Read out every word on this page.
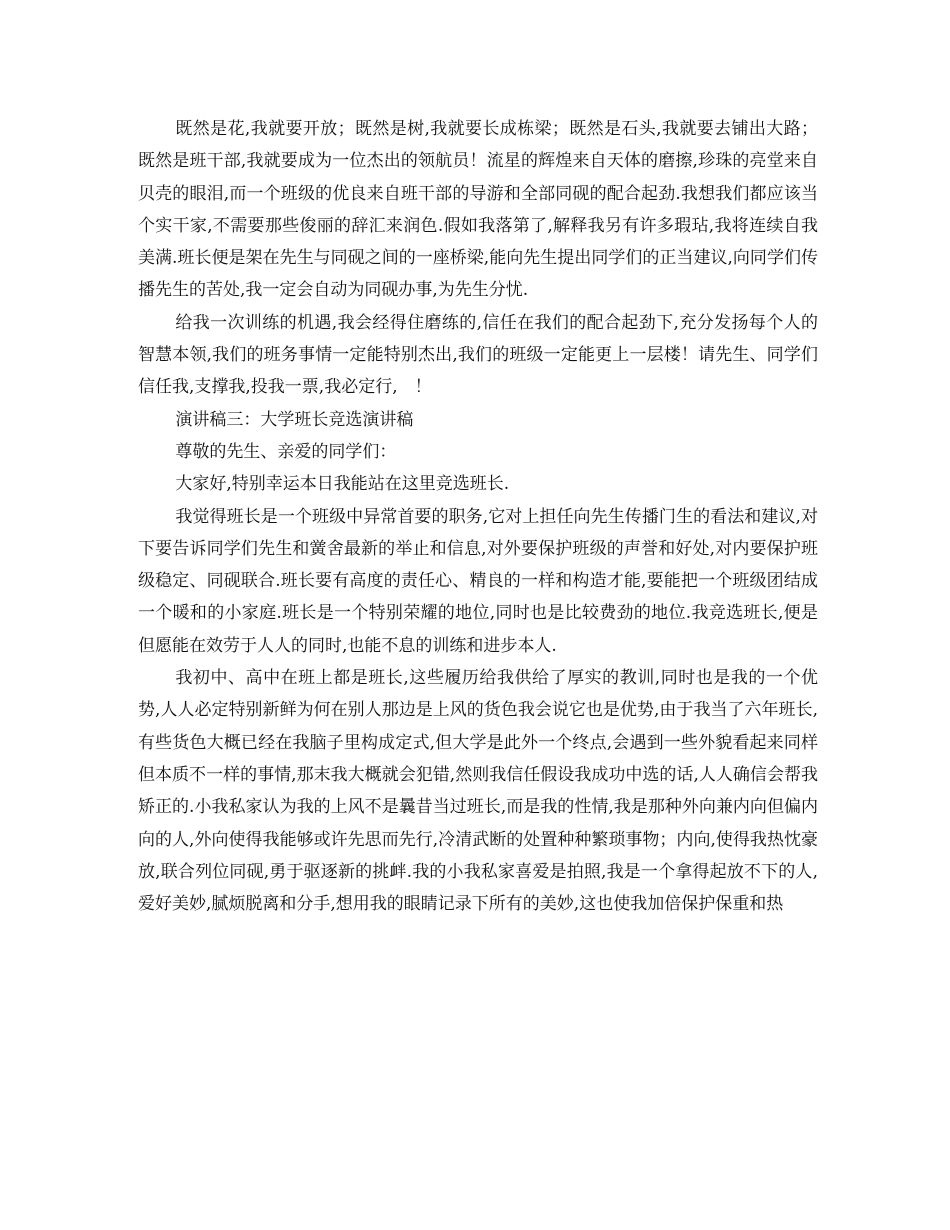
既然是花,我就要开放；既然是树,我就要长成栋梁；既然是石头,我就要去铺出大路；既然是班干部,我就要成为一位杰出的领航员！流星的辉煌来自天体的磨擦,珍珠的亮堂来自贝壳的眼泪,而一个班级的优良来自班干部的导游和全部同砚的配合起劲.我想我们都应该当个实干家,不需要那些俊丽的辞汇来润色.假如我落第了,解释我另有许多瑕玷,我将连续自我美满.班长便是架在先生与同砚之间的一座桥梁,能向先生提出同学们的正当建议,向同学们传播先生的苦处,我一定会自动为同砚办事,为先生分忧.

给我一次训练的机遇,我会经得住磨练的,信任在我们的配合起劲下,充分发扬每个人的智慧本领,我们的班务事情一定能特别杰出,我们的班级一定能更上一层楼！请先生、同学们信任我,支撑我,投我一票,我必定行,　！

演讲稿三：大学班长竞选演讲稿

尊敬的先生、亲爱的同学们：

大家好,特别幸运本日我能站在这里竞选班长.

我觉得班长是一个班级中异常首要的职务,它对上担任向先生传播门生的看法和建议,对下要告诉同学们先生和黉舍最新的举止和信息,对外要保护班级的声誉和好处,对内要保护班级稳定、同砚联合.班长要有高度的责任心、精良的一样和构造才能,要能把一个班级团结成一个暖和的小家庭.班长是一个特别荣耀的地位,同时也是比较费劲的地位.我竞选班长,便是但愿能在效劳于人人的同时,也能不息的训练和进步本人.

我初中、高中在班上都是班长,这些履历给我供给了厚实的教训,同时也是我的一个优势,人人必定特别新鲜为何在别人那边是上风的货色我会说它也是优势,由于我当了六年班长,有些货色大概已经在我脑子里构成定式,但大学是此外一个终点,会遇到一些外貌看起来同样但本质不一样的事情,那末我大概就会犯错,然则我信任假设我成功中选的话,人人确信会帮我矫正的.小我私家认为我的上风不是曩昔当过班长,而是我的性情,我是那种外向兼内向但偏内向的人,外向使得我能够或许先思而先行,冷清武断的处置种种繁琐事物；内向,使得我热忱豪放,联合列位同砚,勇于驱逐新的挑衅.我的小我私家喜爱是拍照,我是一个拿得起放不下的人,爱好美妙,腻烦脱离和分手,想用我的眼睛记录下所有的美妙,这也使我加倍保护保重和热
